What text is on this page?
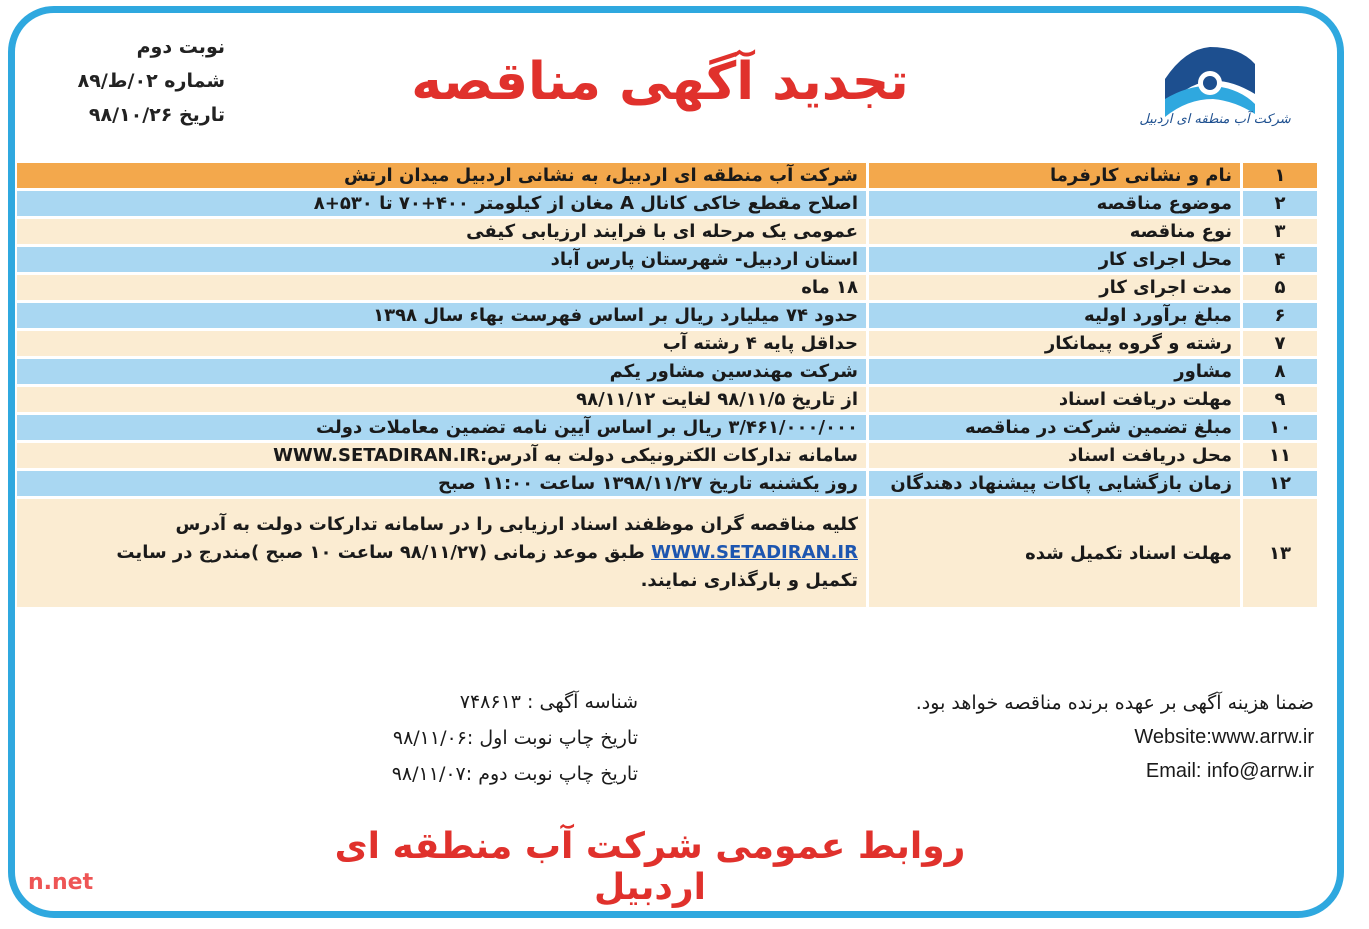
شرکت آب منطقه ای اردبیل
تجدید آگهی مناقصه
نوبت دوم
شماره ۰۲/ط/۸۹
تاریخ ۹۸/۱۰/۲۶
۱	نام و نشانی کارفرما	شرکت آب منطقه ای اردبیل، به نشانی اردبیل میدان ارتش
۲	موضوع مناقصه	اصلاح مقطع خاکی کانال A مغان از کیلومتر ۴۰۰+۷۰ تا ۵۳۰+۸
۳	نوع مناقصه	عمومی یک مرحله ای با فرایند ارزیابی کیفی
۴	محل اجرای کار	استان اردبیل- شهرستان پارس آباد
۵	مدت اجرای کار	۱۸ ماه
۶	مبلغ برآورد اولیه	حدود ۷۴ میلیارد ریال بر اساس فهرست بهاء سال ۱۳۹۸
۷	رشته و گروه پیمانکار	حداقل پایه ۴ رشته آب
۸	مشاور	شرکت مهندسین مشاور یکم
۹	مهلت دریافت اسناد	از تاریخ ۹۸/۱۱/۵ لغایت ۹۸/۱۱/۱۲
۱۰	مبلغ تضمین شرکت در مناقصه	۳/۴۶۱/۰۰۰/۰۰۰ ریال بر اساس آیین نامه تضمین معاملات دولت
۱۱	محل دریافت اسناد	سامانه تدارکات الکترونیکی دولت به آدرس:WWW.SETADIRAN.IR
۱۲	زمان بازگشایی پاکات پیشنهاد دهندگان	روز یکشنبه تاریخ ۱۳۹۸/۱۱/۲۷ ساعت ۱۱:۰۰ صبح
۱۳	مهلت اسناد تکمیل شده	کلیه مناقصه گران موظفند اسناد ارزیابی را در سامانه تدارکات دولت به آدرس
WWW.SETADIRAN.IR طبق موعد زمانی (۹۸/۱۱/۲۷ ساعت ۱۰ صبح )مندرج در سایت
تکمیل و بارگذاری نمایند.
ضمنا هزینه آگهی بر عهده برنده مناقصه خواهد بود.
Website:www.arrw.ir
Email: info@arrw.ir
شناسه آگهی : ۷۴۸۶۱۳
تاریخ چاپ نوبت اول :۹۸/۱۱/۰۶
تاریخ چاپ نوبت دوم :۹۸/۱۱/۰۷
روابط عمومی شرکت آب منطقه ای اردبیل
n.net
